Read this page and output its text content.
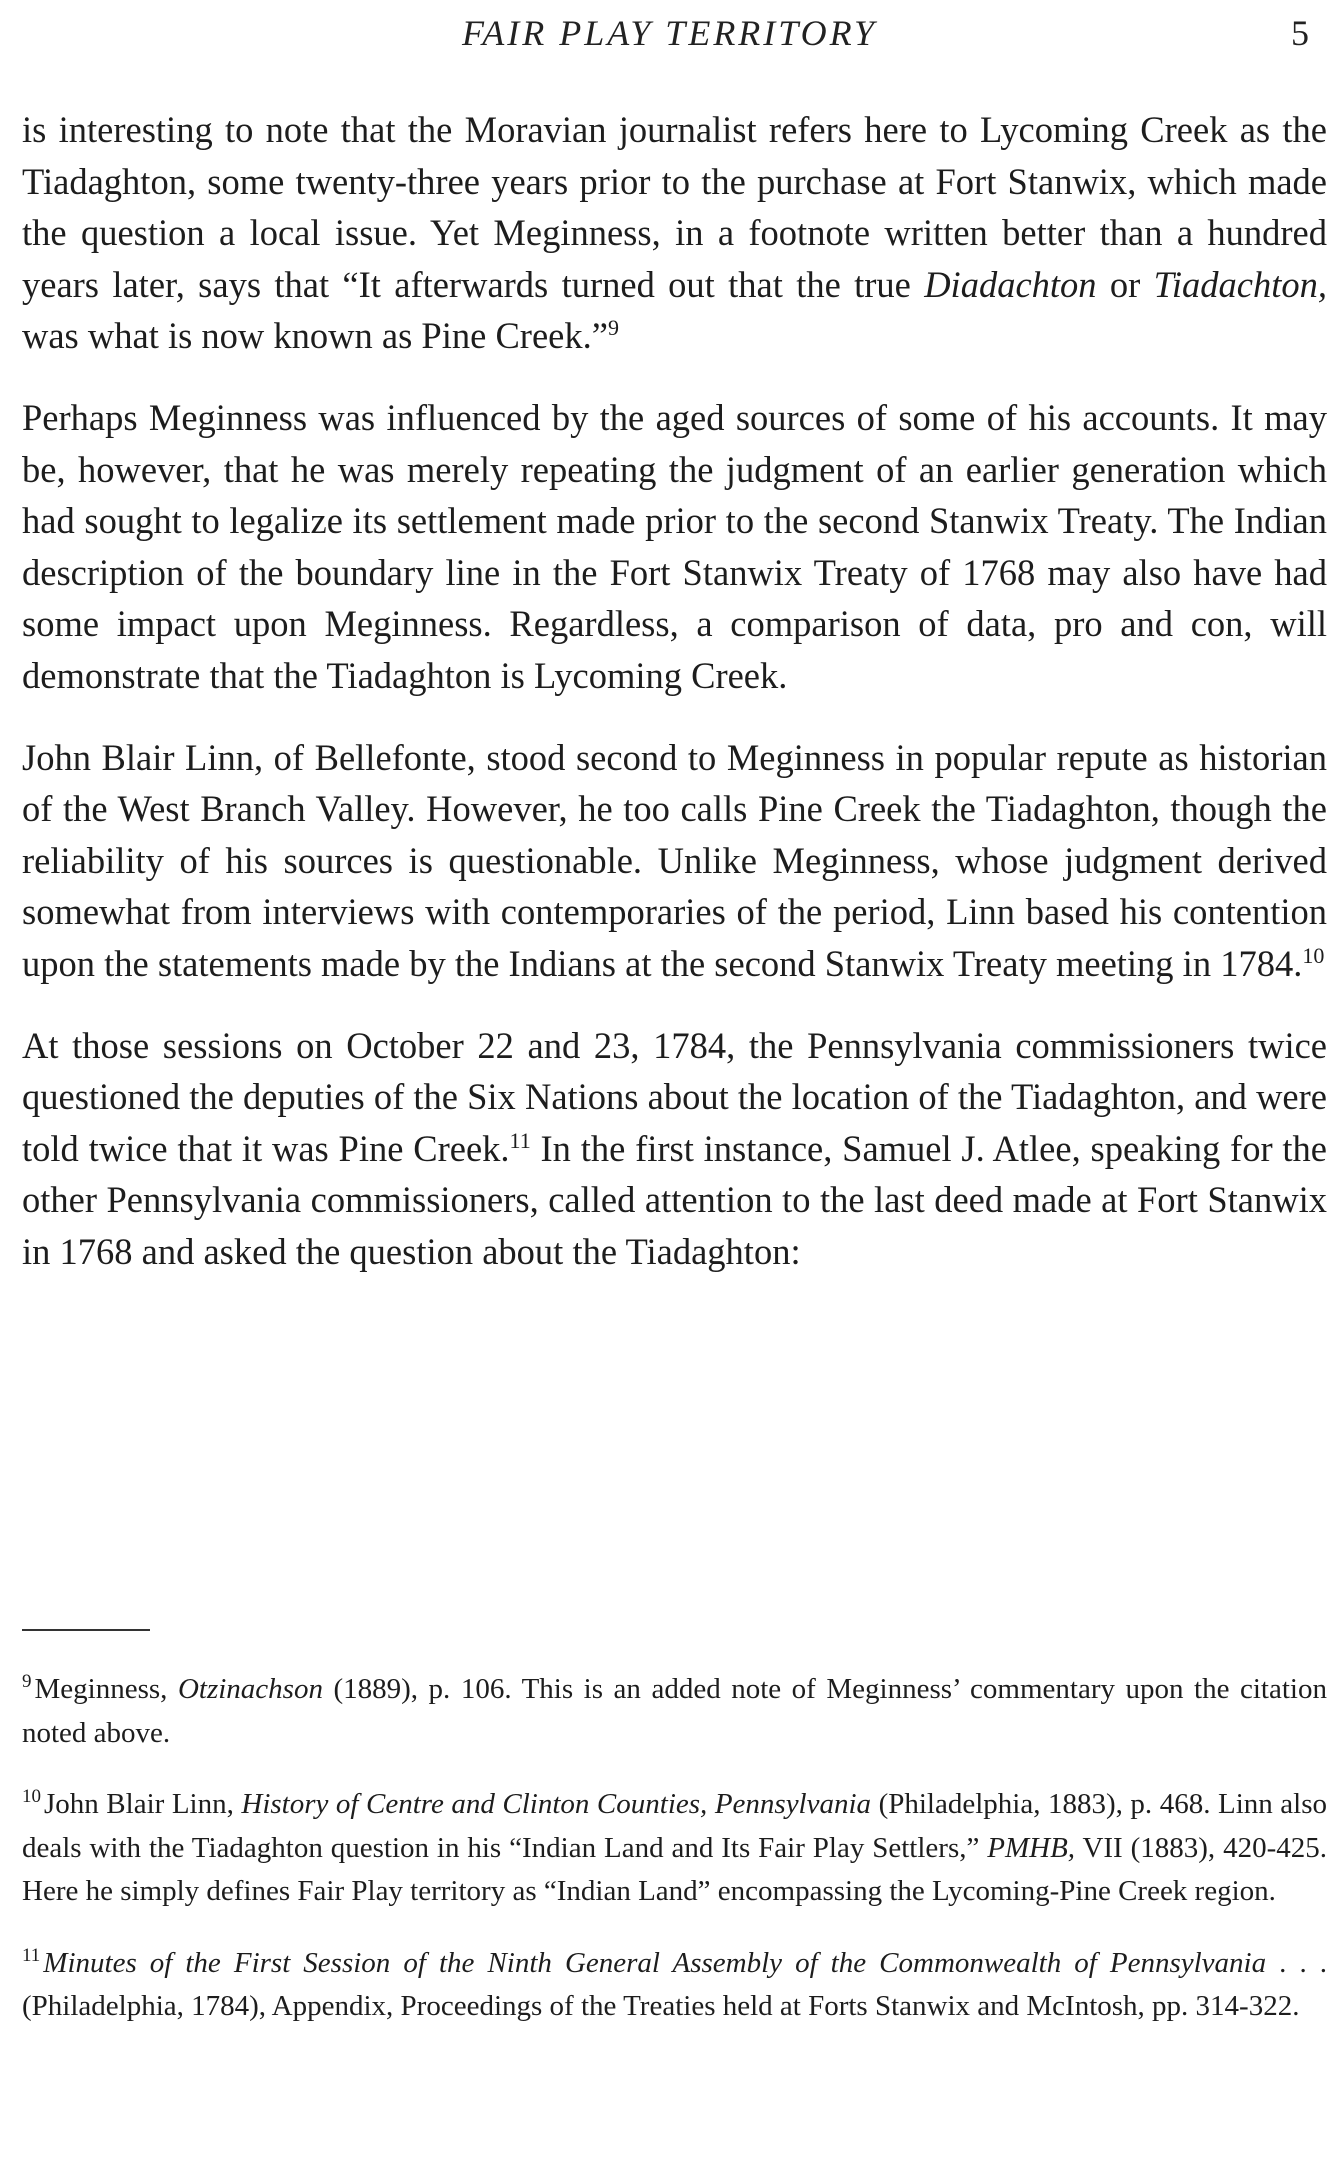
FAIR PLAY TERRITORY	5

is interesting to note that the Moravian journalist refers here to Lycoming Creek as the Tiadaghton, some twenty-three years prior to the purchase at Fort Stanwix, which made the question a local issue. Yet Meginness, in a footnote written better than a hundred years later, says that “It afterwards turned out that the true Diadachton or Tiadachton, was what is now known as Pine Creek.”$^9$

Perhaps Meginness was influenced by the aged sources of some of his accounts. It may be, however, that he was merely repeating the judgment of an earlier generation which had sought to legalize its settlement made prior to the second Stanwix Treaty. The Indian description of the boundary line in the Fort Stanwix Treaty of 1768 may also have had some impact upon Meginness. Regardless, a comparison of data, pro and con, will demonstrate that the Tiadaghton is Lycoming Creek.

John Blair Linn, of Bellefonte, stood second to Meginness in popular repute as historian of the West Branch Valley. However, he too calls Pine Creek the Tiadaghton, though the reliability of his sources is questionable. Unlike Meginness, whose judgment derived somewhat from interviews with contemporaries of the period, Linn based his contention upon the statements made by the Indians at the second Stanwix Treaty meeting in 1784.10

At those sessions on October 22 and 23, 1784, the Pennsylvania commissioners twice questioned the deputies of the Six Nations about the location of the Tiadaghton, and were told twice that it was Pine Creek.$^{11}$ In the first instance, Samuel J. Atlee, speaking for the other Pennsylvania commissioners, called attention to the last deed made at Fort Stanwix in 1768 and asked the question about the Tiadaghton:

$^9$ Meginness, Otzinachson (1889), p. 106. This is an added note of Meginness’ commentary upon the citation noted above.

$^{10}$ John Blair Linn, History of Centre and Clinton Counties, Pennsylvania (Philadelphia, 1883), p. 468. Linn also deals with the Tiadaghton question in his “Indian Land and Its Fair Play Settlers,” PMHB, VII (1883), 420-425. Here he simply defines Fair Play territory as “Indian Land” encompassing the Lycoming-Pine Creek region.

$^{11}$ Minutes of the First Session of the Ninth General Assembly of the Commonwealth of Pennsylvania . . . (Philadelphia, 1784), Appendix, Proceedings of the Treaties held at Forts Stanwix and McIntosh, pp. 314-322.
